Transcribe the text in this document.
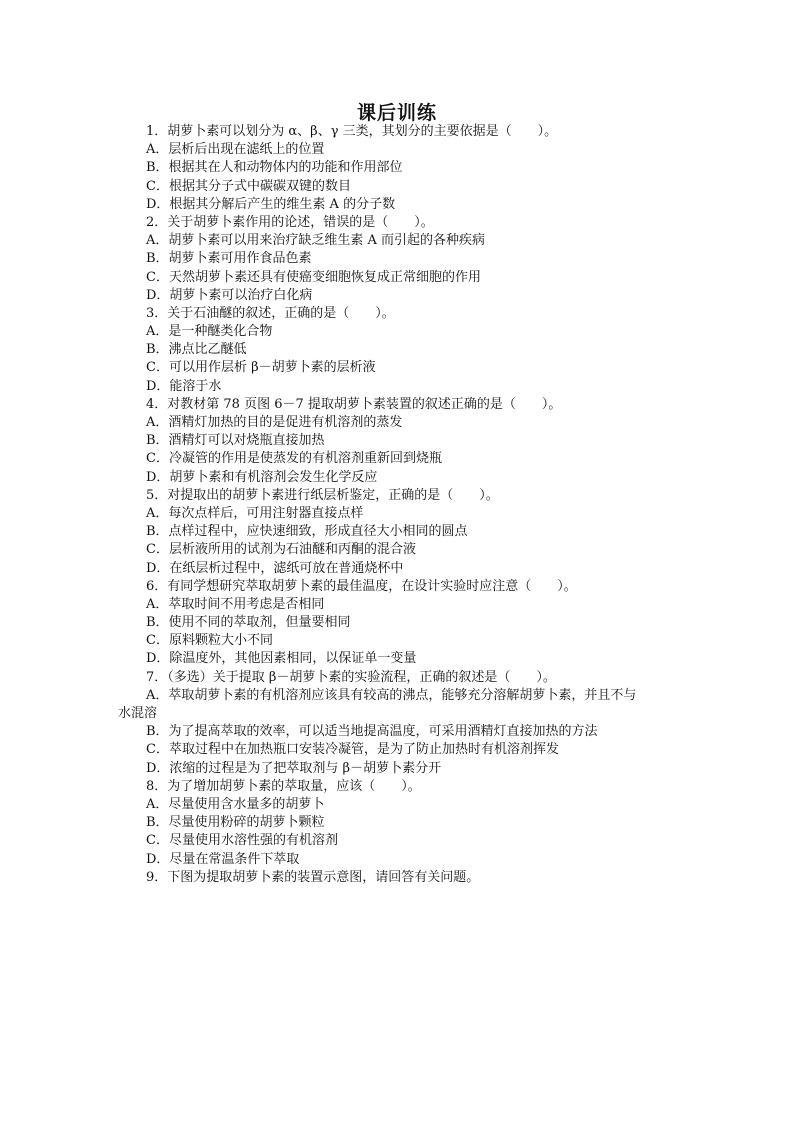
课后训练
1．胡萝卜素可以划分为 α、β、γ 三类，其划分的主要依据是（　　）。
A．层析后出现在滤纸上的位置
B．根据其在人和动物体内的功能和作用部位
C．根据其分子式中碳碳双键的数目
D．根据其分解后产生的维生素 A 的分子数
2．关于胡萝卜素作用的论述，错误的是（　　）。
A．胡萝卜素可以用来治疗缺乏维生素 A 而引起的各种疾病
B．胡萝卜素可用作食品色素
C．天然胡萝卜素还具有使癌变细胞恢复成正常细胞的作用
D．胡萝卜素可以治疗白化病
3．关于石油醚的叙述，正确的是（　　）。
A．是一种醚类化合物
B．沸点比乙醚低
C．可以用作层析 β－胡萝卜素的层析液
D．能溶于水
4．对教材第 78 页图 6－7 提取胡萝卜素装置的叙述正确的是（　　）。
A．酒精灯加热的目的是促进有机溶剂的蒸发
B．酒精灯可以对烧瓶直接加热
C．冷凝管的作用是使蒸发的有机溶剂重新回到烧瓶
D．胡萝卜素和有机溶剂会发生化学反应
5．对提取出的胡萝卜素进行纸层析鉴定，正确的是（　　）。
A．每次点样后，可用注射器直接点样
B．点样过程中，应快速细致，形成直径大小相同的圆点
C．层析液所用的试剂为石油醚和丙酮的混合液
D．在纸层析过程中，滤纸可放在普通烧杯中
6．有同学想研究萃取胡萝卜素的最佳温度，在设计实验时应注意（　　）。
A．萃取时间不用考虑是否相同
B．使用不同的萃取剂，但量要相同
C．原料颗粒大小不同
D．除温度外，其他因素相同，以保证单一变量
7．（多选）关于提取 β－胡萝卜素的实验流程，正确的叙述是（　　）。
A．萃取胡萝卜素的有机溶剂应该具有较高的沸点，能够充分溶解胡萝卜素，并且不与
水混溶
B．为了提高萃取的效率，可以适当地提高温度，可采用酒精灯直接加热的方法
C．萃取过程中在加热瓶口安装冷凝管，是为了防止加热时有机溶剂挥发
D．浓缩的过程是为了把萃取剂与 β－胡萝卜素分开
8．为了增加胡萝卜素的萃取量，应该（　　）。
A．尽量使用含水量多的胡萝卜
B．尽量使用粉碎的胡萝卜颗粒
C．尽量使用水溶性强的有机溶剂
D．尽量在常温条件下萃取
9．下图为提取胡萝卜素的装置示意图，请回答有关问题。
